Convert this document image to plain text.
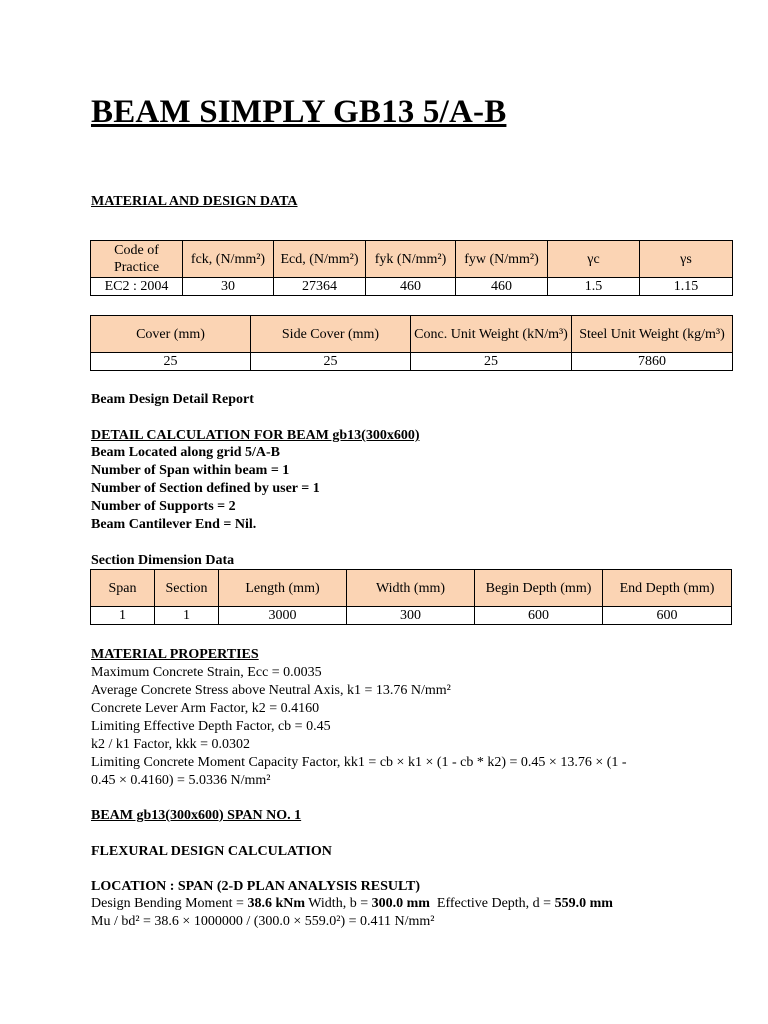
BEAM SIMPLY GB13 5/A-B
MATERIAL AND DESIGN DATA
Code of Practice	fck, (N/mm²)	Ecd, (N/mm²)	fyk (N/mm²)	fyw (N/mm²)	γc	γs
EC2 : 2004	30	27364	460	460	1.5	1.15
Cover (mm)	Side Cover (mm)	Conc. Unit Weight (kN/m³)	Steel Unit Weight (kg/m³)
25	25	25	7860
Beam Design Detail Report
DETAIL CALCULATION FOR BEAM gb13(300x600)
Beam Located along grid 5/A-B
Number of Span within beam = 1
Number of Section defined by user = 1
Number of Supports = 2
Beam Cantilever End = Nil.
Section Dimension Data
Span	Section	Length (mm)	Width (mm)	Begin Depth (mm)	End Depth (mm)
1	1	3000	300	600	600
MATERIAL PROPERTIES
Maximum Concrete Strain, Ecc = 0.0035
Average Concrete Stress above Neutral Axis, k1 = 13.76 N/mm²
Concrete Lever Arm Factor, k2 = 0.4160
Limiting Effective Depth Factor, cb = 0.45
k2 / k1 Factor, kkk = 0.0302
Limiting Concrete Moment Capacity Factor, kk1 = cb × k1 × (1 - cb * k2) = 0.45 × 13.76 × (1 -
0.45 × 0.4160) = 5.0336 N/mm²
BEAM gb13(300x600) SPAN NO. 1
FLEXURAL DESIGN CALCULATION
LOCATION : SPAN (2-D PLAN ANALYSIS RESULT)
Design Bending Moment = 38.6 kNm Width, b = 300.0 mm  Effective Depth, d = 559.0 mm
Mu / bd² = 38.6 × 1000000 / (300.0 × 559.0²) = 0.411 N/mm²
